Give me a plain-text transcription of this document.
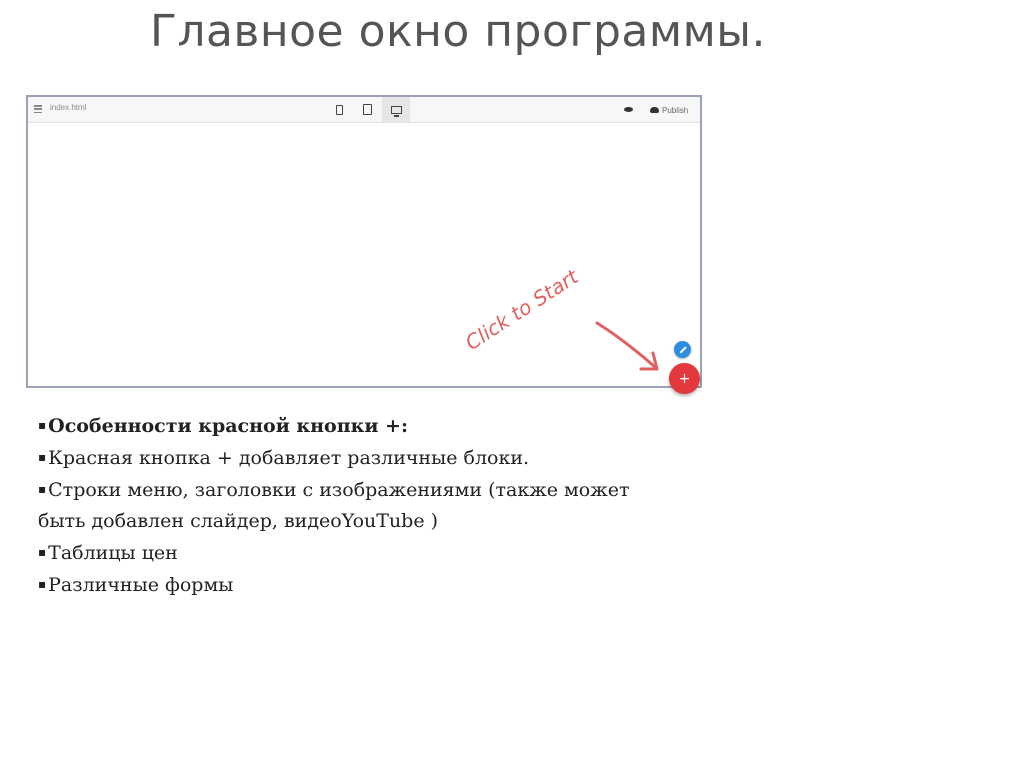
Главное окно программы.
index.html	Publish
Click to Start
+

▪ Особенности красной кнопки +:

▪ Красная кнопка + добавляет различные блоки.

▪ Строки меню, заголовки с изображениями (также может быть добавлен слайдер, видеоYouTube )

▪ Таблицы цен

▪ Различные формы
